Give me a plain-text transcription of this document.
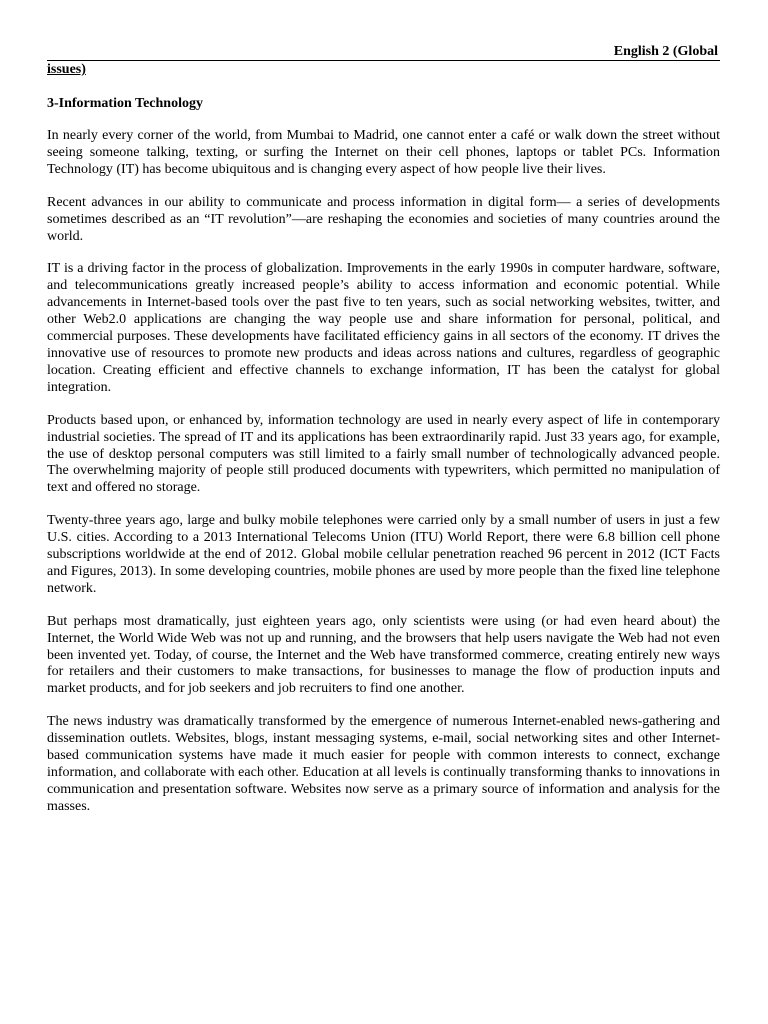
English 2 (Global
issues)
3-Information Technology

In nearly every corner of the world, from Mumbai to Madrid, one cannot enter a café or walk down the street without seeing someone talking, texting, or surfing the Internet on their cell phones, laptops or tablet PCs. Information Technology (IT) has become ubiquitous and is changing every aspect of how people live their lives.

Recent advances in our ability to communicate and process information in digital form— a series of developments sometimes described as an “IT revolution”—are reshaping the economies and societies of many countries around the world.

IT is a driving factor in the process of globalization. Improvements in the early 1990s in computer hardware, software, and telecommunications greatly increased people’s ability to access information and economic potential. While advancements in Internet-based tools over the past five to ten years, such as social networking websites, twitter, and other Web2.0 applications are changing the way people use and share information for personal, political, and commercial purposes. These developments have facilitated efficiency gains in all sectors of the economy. IT drives the innovative use of resources to promote new products and ideas across nations and cultures, regardless of geographic location. Creating efficient and effective channels to exchange information, IT has been the catalyst for global integration.

Products based upon, or enhanced by, information technology are used in nearly every aspect of life in contemporary industrial societies. The spread of IT and its applications has been extraordinarily rapid. Just 33 years ago, for example, the use of desktop personal computers was still limited to a fairly small number of technologically advanced people. The overwhelming majority of people still produced documents with typewriters, which permitted no manipulation of text and offered no storage.

Twenty-three years ago, large and bulky mobile telephones were carried only by a small number of users in just a few U.S. cities. According to a 2013 International Telecoms Union (ITU) World Report, there were 6.8 billion cell phone subscriptions worldwide at the end of 2012. Global mobile cellular penetration reached 96 percent in 2012 (ICT Facts and Figures, 2013). In some developing countries, mobile phones are used by more people than the fixed line telephone network.

But perhaps most dramatically, just eighteen years ago, only scientists were using (or had even heard about) the Internet, the World Wide Web was not up and running, and the browsers that help users navigate the Web had not even been invented yet. Today, of course, the Internet and the Web have transformed commerce, creating entirely new ways for retailers and their customers to make transactions, for businesses to manage the flow of production inputs and market products, and for job seekers and job recruiters to find one another.

The news industry was dramatically transformed by the emergence of numerous Internet-enabled news-gathering and dissemination outlets. Websites, blogs, instant messaging systems, e-mail, social networking sites and other Internet-based communication systems have made it much easier for people with common interests to connect, exchange information, and collaborate with each other. Education at all levels is continually transforming thanks to innovations in communication and presentation software. Websites now serve as a primary source of information and analysis for the masses.
